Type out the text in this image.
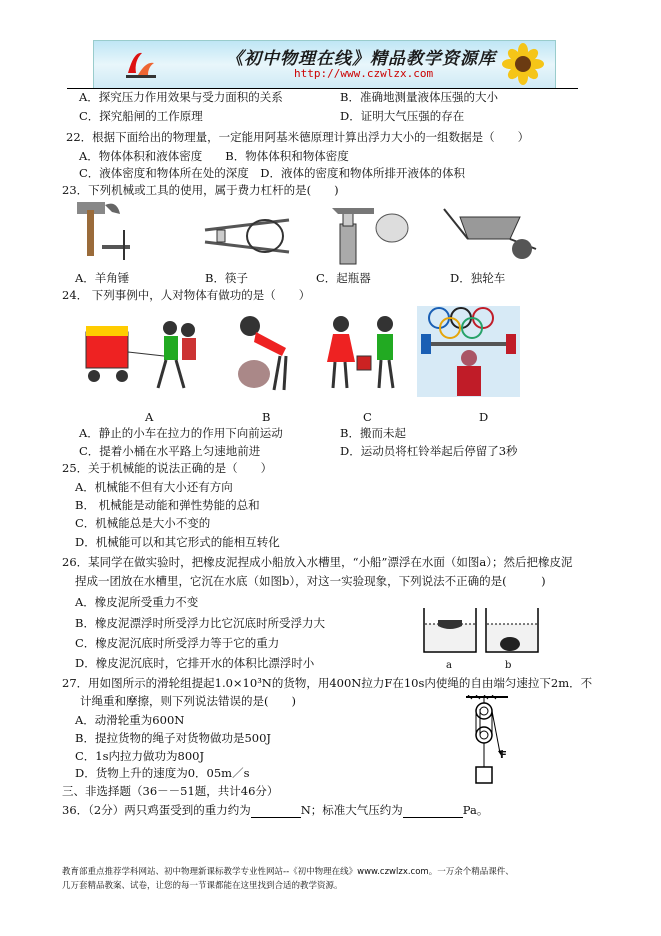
《初中物理在线》精品教学资源库
http://www.czwlzx.com
A．探究压力作用效果与受力面积的关系	B．准确地测量液体压强的大小
C．探究船闸的工作原理	D．证明大气压强的存在
22．根据下面给出的物理量，一定能用阿基米德原理计算出浮力大小的一组数据是（　　）
A．物体体积和液体密度　　B．物体体积和物体密度
C．液体密度和物体所在处的深度　D．液体的密度和物体所排开液体的体积
23．下列机械或工具的使用，属于费力杠杆的是(　　)
A．羊角锤	B．筷子	C．起瓶器	D．独轮车
24． 下列事例中，人对物体有做功的是（　　）
A	B	C	D
A．静止的小车在拉力的作用下向前运动	B．搬而未起
C．提着小桶在水平路上匀速地前进	D．运动员将杠铃举起后停留了3秒
25．关于机械能的说法正确的是（　　）
A．机械能不但有大小还有方向
B． 机械能是动能和弹性势能的总和
C．机械能总是大小不变的
D．机械能可以和其它形式的能相互转化
26．某同学在做实验时，把橡皮泥捏成小船放入水槽里，“小船”漂浮在水面（如图a）；然后把橡皮泥
捏成一团放在水槽里，它沉在水底（如图b），对这一实验现象，下列说法不正确的是(　　　)
A．橡皮泥所受重力不变
B．橡皮泥漂浮时所受浮力比它沉底时所受浮力大
C．橡皮泥沉底时所受浮力等于它的重力
D．橡皮泥沉底时，它排开水的体积比漂浮时小	a	b
27．用如图所示的滑轮组提起1.0×10³N的货物，用400N拉力F在10s内使绳的自由端匀速拉下2m．不
计绳重和摩擦，则下列说法错误的是(　　)
A．动滑轮重为600N
B．提拉货物的绳子对货物做功是500J
C．1s内拉力做功为800J
D．货物上升的速度为0．05m／s
F
三、非选择题（36－－51题，共计46分）
36．（2分）两只鸡蛋受到的重力约为	N；标准大气压约为	Pa。
教育部重点推荐学科网站、初中物理新课标教学专业性网站--《初中物理在线》www.czwlzx.com。一万余个精品课件、
几万套精品教案、试卷，让您的每一节课都能在这里找到合适的教学资源。
